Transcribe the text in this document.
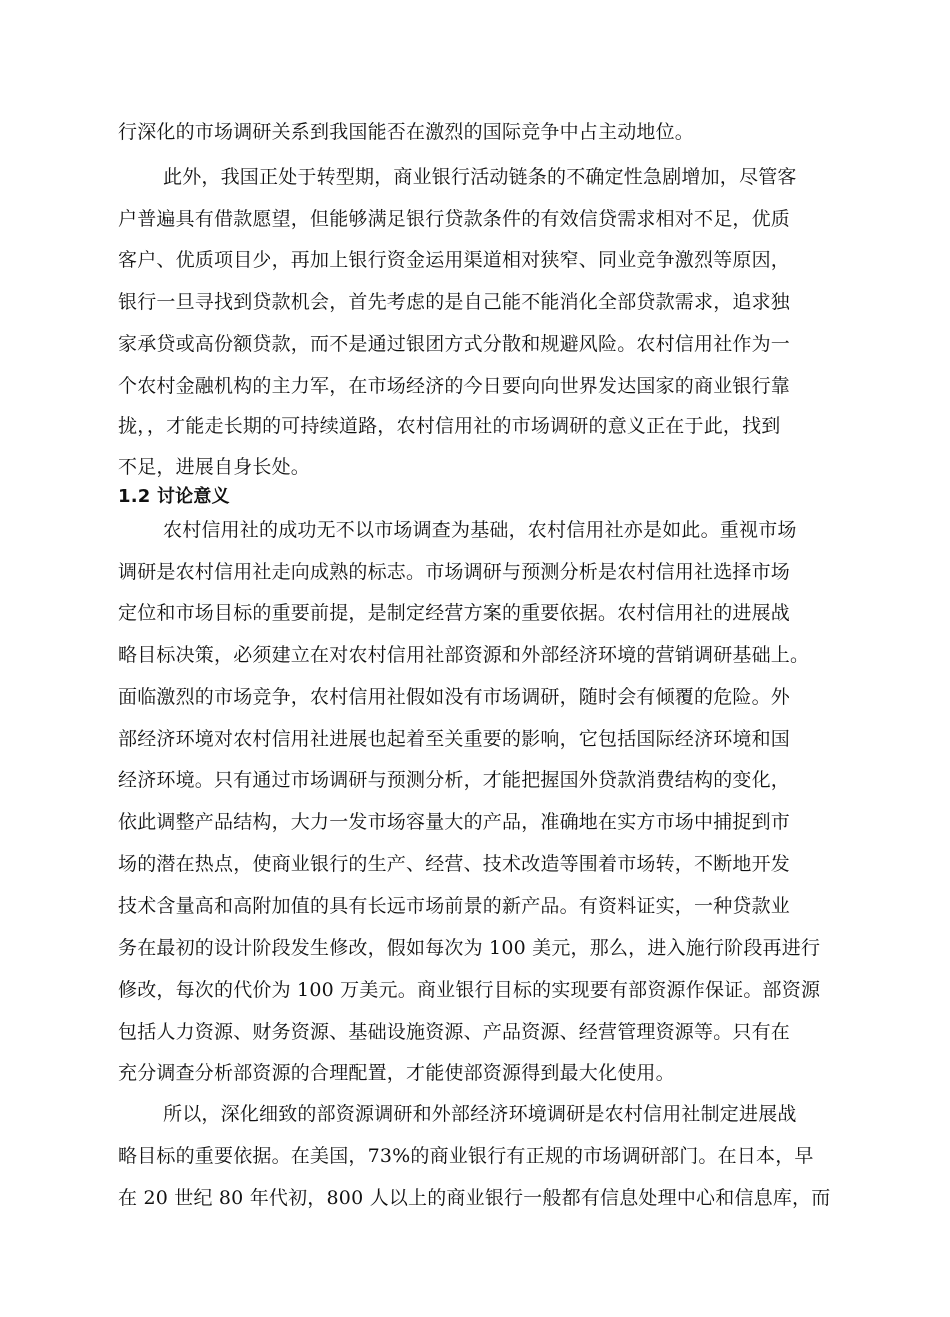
行深化的市场调研关系到我国能否在激烈的国际竞争中占主动地位。
此外，我国正处于转型期，商业银行活动链条的不确定性急剧增加，尽管客
户普遍具有借款愿望，但能够满足银行贷款条件的有效信贷需求相对不足，优质
客户、优质项目少，再加上银行资金运用渠道相对狭窄、同业竞争激烈等原因，
银行一旦寻找到贷款机会，首先考虑的是自己能不能消化全部贷款需求，追求独
家承贷或高份额贷款，而不是通过银团方式分散和规避风险。农村信用社作为一
个农村金融机构的主力军，在市场经济的今日要向向世界发达国家的商业银行靠
拢，，才能走长期的可持续道路，农村信用社的市场调研的意义正在于此，找到
不足，进展自身长处。
1.2 讨论意义
农村信用社的成功无不以市场调查为基础，农村信用社亦是如此。重视市场
调研是农村信用社走向成熟的标志。市场调研与预测分析是农村信用社选择市场
定位和市场目标的重要前提，是制定经营方案的重要依据。农村信用社的进展战
略目标决策，必须建立在对农村信用社部资源和外部经济环境的营销调研基础上。
面临激烈的市场竞争，农村信用社假如没有市场调研，随时会有倾覆的危险。外
部经济环境对农村信用社进展也起着至关重要的影响，它包括国际经济环境和国
经济环境。只有通过市场调研与预测分析，才能把握国外贷款消费结构的变化，
依此调整产品结构，大力一发市场容量大的产品，准确地在实方市场中捕捉到市
场的潜在热点，使商业银行的生产、经营、技术改造等围着市场转，不断地开发
技术含量高和高附加值的具有长远市场前景的新产品。有资料证实，一种贷款业
务在最初的设计阶段发生修改，假如每次为 100 美元，那么，进入施行阶段再进行
修改，每次的代价为 100 万美元。商业银行目标的实现要有部资源作保证。部资源
包括人力资源、财务资源、基础设施资源、产品资源、经营管理资源等。只有在
充分调查分析部资源的合理配置，才能使部资源得到最大化使用。
所以，深化细致的部资源调研和外部经济环境调研是农村信用社制定进展战
略目标的重要依据。在美国，73%的商业银行有正规的市场调研部门。在日本，早
在 20 世纪 80 年代初，800 人以上的商业银行一般都有信息处理中心和信息库，而
